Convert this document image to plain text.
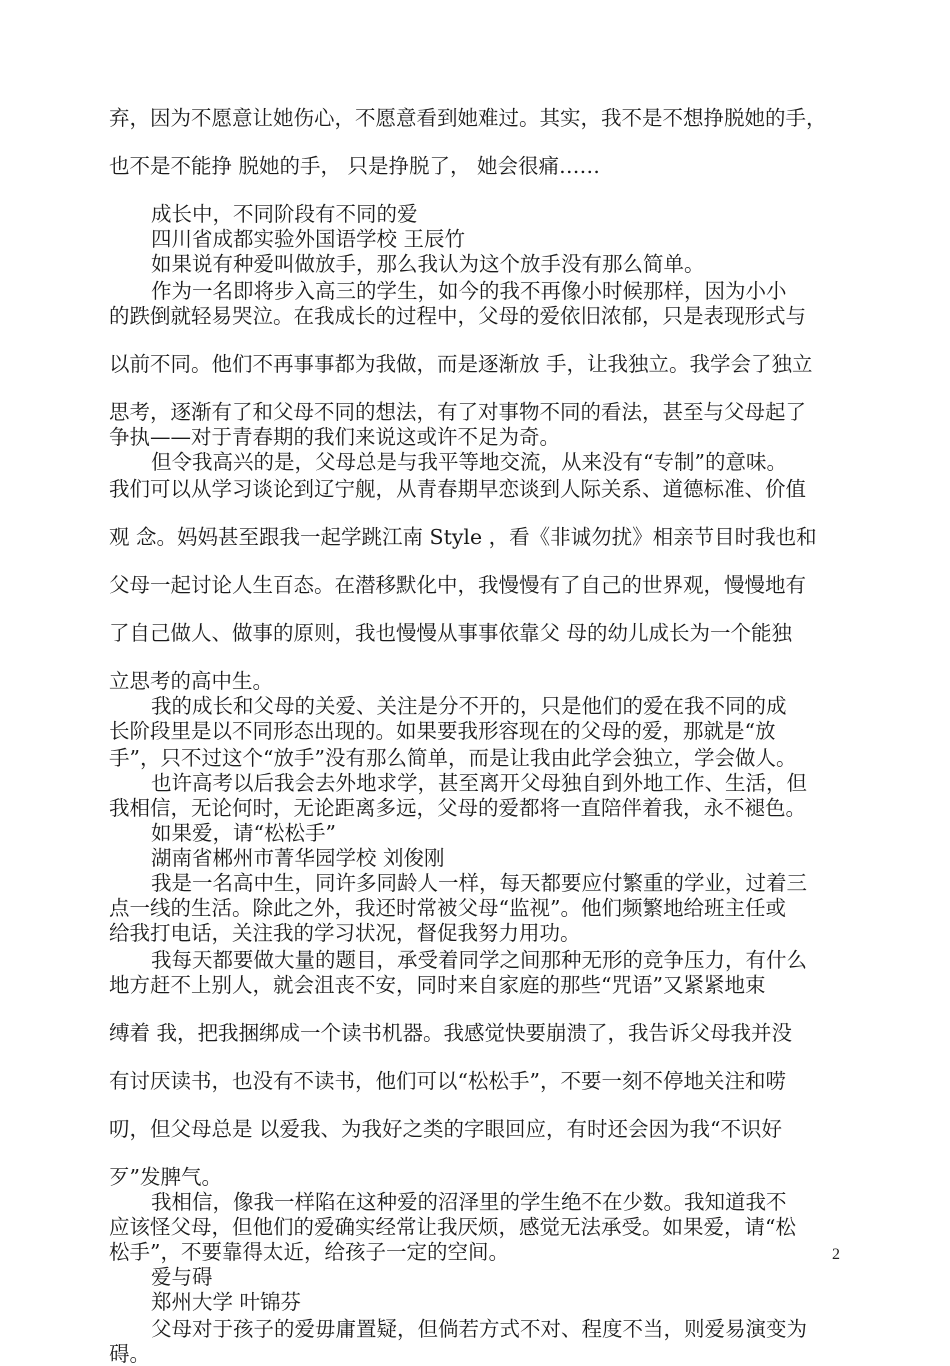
弃，因为不愿意让她伤心，不愿意看到她难过。其实，我不是不想挣脱她的手，
也不是不能挣 脱她的手， 只是挣脱了， 她会很痛……
成长中，不同阶段有不同的爱
四川省成都实验外国语学校 王辰竹
如果说有种爱叫做放手，那么我认为这个放手没有那么简单。
作为一名即将步入高三的学生，如今的我不再像小时候那样，因为小小
的跌倒就轻易哭泣。在我成长的过程中，父母的爱依旧浓郁，只是表现形式与
以前不同。他们不再事事都为我做，而是逐渐放 手，让我独立。我学会了独立
思考，逐渐有了和父母不同的想法，有了对事物不同的看法，甚至与父母起了
争执——对于青春期的我们来说这或许不足为奇。
但令我高兴的是，父母总是与我平等地交流，从来没有“专制”的意味。
我们可以从学习谈论到辽宁舰，从青春期早恋谈到人际关系、道德标准、价值
观 念。妈妈甚至跟我一起学跳江南 Style ，看《非诚勿扰》相亲节目时我也和
父母一起讨论人生百态。在潜移默化中，我慢慢有了自己的世界观，慢慢地有
了自己做人、做事的原则，我也慢慢从事事依靠父 母的幼儿成长为一个能独
立思考的高中生。
我的成长和父母的关爱、关注是分不开的，只是他们的爱在我不同的成
长阶段里是以不同形态出现的。如果要我形容现在的父母的爱，那就是“放
手”，只不过这个“放手”没有那么简单，而是让我由此学会独立，学会做人。
也许高考以后我会去外地求学，甚至离开父母独自到外地工作、生活，但
我相信，无论何时，无论距离多远，父母的爱都将一直陪伴着我，永不褪色。
如果爱，请“松松手”
湖南省郴州市菁华园学校 刘俊刚
我是一名高中生，同许多同龄人一样，每天都要应付繁重的学业，过着三
点一线的生活。除此之外，我还时常被父母“监视”。他们频繁地给班主任或
给我打电话，关注我的学习状况，督促我努力用功。
我每天都要做大量的题目，承受着同学之间那种无形的竞争压力，有什么
地方赶不上别人，就会沮丧不安，同时来自家庭的那些“咒语”又紧紧地束
缚着 我，把我捆绑成一个读书机器。我感觉快要崩溃了，我告诉父母我并没
有讨厌读书，也没有不读书，他们可以“松松手”，不要一刻不停地关注和唠
叨，但父母总是 以爱我、为我好之类的字眼回应，有时还会因为我“不识好
歹”发脾气。
我相信，像我一样陷在这种爱的沼泽里的学生绝不在少数。我知道我不
应该怪父母，但他们的爱确实经常让我厌烦，感觉无法承受。如果爱，请“松
松手”，不要靠得太近，给孩子一定的空间。
爱与碍
郑州大学 叶锦芬
父母对于孩子的爱毋庸置疑，但倘若方式不对、程度不当，则爱易演变为
碍。
2
